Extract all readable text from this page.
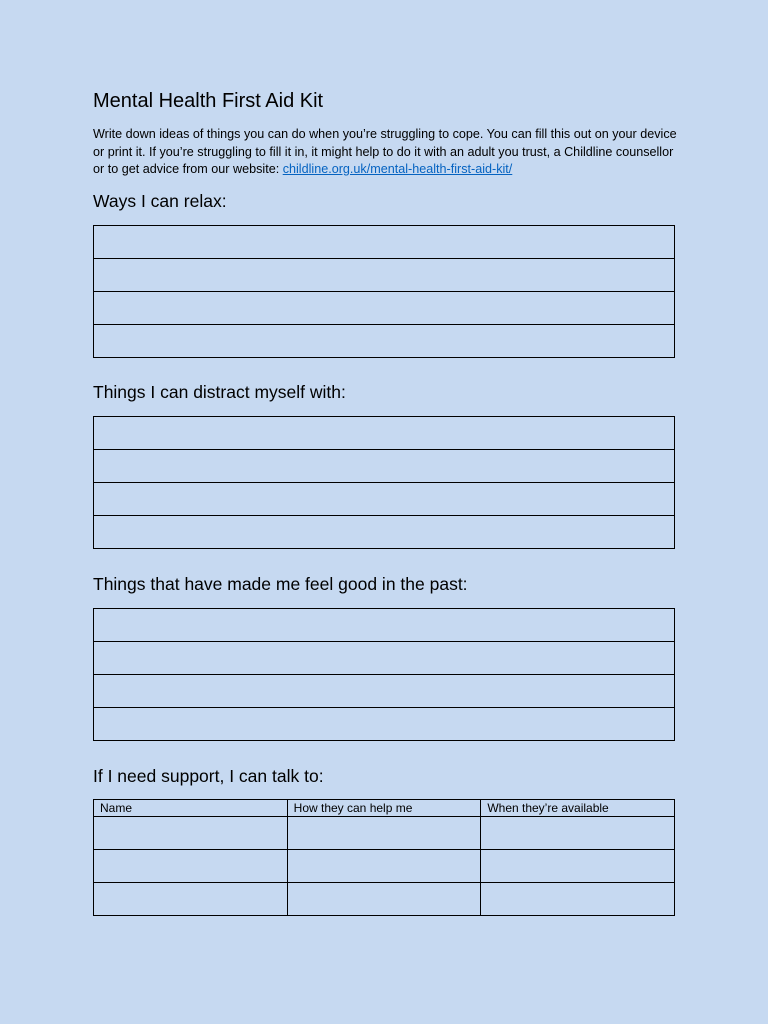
Mental Health First Aid Kit

Write down ideas of things you can do when you’re struggling to cope. You can fill this out on your device or print it. If you’re struggling to fill it in, it might help to do it with an adult you trust, a Childline counsellor or to get advice from our website: childline.org.uk/mental-health-first-aid-kit/

Ways I can relax:

Things I can distract myself with:

Things that have made me feel good in the past:

If I need support, I can talk to:
Name	How they can help me	When they’re available
